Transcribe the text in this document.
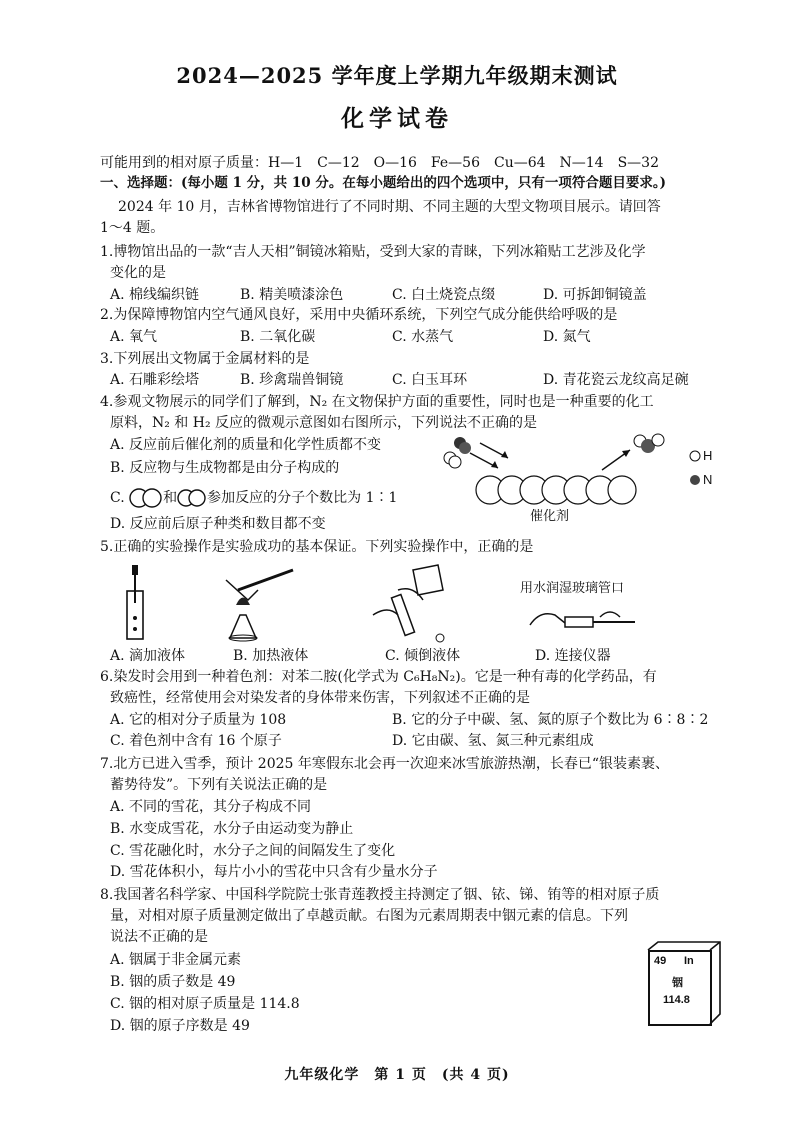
2024—2025 学年度上学期九年级期末测试
化学试卷
可能用到的相对原子质量：H—1　C—12　O—16　Fe—56　Cu—64　N—14　S—32
一、选择题：(每小题 1 分，共 10 分。在每小题给出的四个选项中，只有一项符合题目要求。)
2024 年 10 月，吉林省博物馆进行了不同时期、不同主题的大型文物项目展示。请回答
1～4 题。
1.博物馆出品的一款“吉人天相”铜镜冰箱贴，受到大家的青睐，下列冰箱贴工艺涉及化学
变化的是
A. 棉线编织链	B. 精美喷漆涂色	C. 白土烧瓷点缀	D. 可拆卸铜镜盖
2.为保障博物馆内空气通风良好，采用中央循环系统，下列空气成分能供给呼吸的是
A. 氧气	B. 二氧化碳	C. 水蒸气	D. 氮气
3.下列展出文物属于金属材料的是
A. 石雕彩绘塔	B. 珍禽瑞兽铜镜	C. 白玉耳环	D. 青花瓷云龙纹高足碗
4.参观文物展示的同学们了解到，N₂ 在文物保护方面的重要性，同时也是一种重要的化工
原料，N₂ 和 H₂ 反应的微观示意图如右图所示，下列说法不正确的是
A. 反应前后催化剂的质量和化学性质都不变
B. 反应物与生成物都是由分子构成的
C.	和 参加反应的分子个数比为 1∶1
D. 反应前后原子种类和数目都不变
H
N
催化剂
5.正确的实验操作是实验成功的基本保证。下列实验操作中，正确的是
用水润湿玻璃管口
A. 滴加液体	B. 加热液体	C. 倾倒液体	D. 连接仪器
6.染发时会用到一种着色剂：对苯二胺(化学式为 C₆H₈N₂)。它是一种有毒的化学药品，有
致癌性，经常使用会对染发者的身体带来伤害，下列叙述不正确的是
A. 它的相对分子质量为 108	B. 它的分子中碳、氢、氮的原子个数比为 6∶8∶2
C. 着色剂中含有 16 个原子	D. 它由碳、氢、氮三种元素组成
7.北方已进入雪季，预计 2025 年寒假东北会再一次迎来冰雪旅游热潮，长春已“银装素裹、
蓄势待发”。下列有关说法正确的是
A. 不同的雪花，其分子构成不同
B. 水变成雪花，水分子由运动变为静止
C. 雪花融化时，水分子之间的间隔发生了变化
D. 雪花体积小，每片小小的雪花中只含有少量水分子
8.我国著名科学家、中国科学院院士张青莲教授主持测定了铟、铱、锑、铕等的相对原子质
量，对相对原子质量测定做出了卓越贡献。右图为元素周期表中铟元素的信息。下列
说法不正确的是
A. 铟属于非金属元素
B. 铟的质子数是 49
C. 铟的相对原子质量是 114.8
D. 铟的原子序数是 49
49 In
铟
114.8
九年级化学　第 1 页　(共 4 页)
